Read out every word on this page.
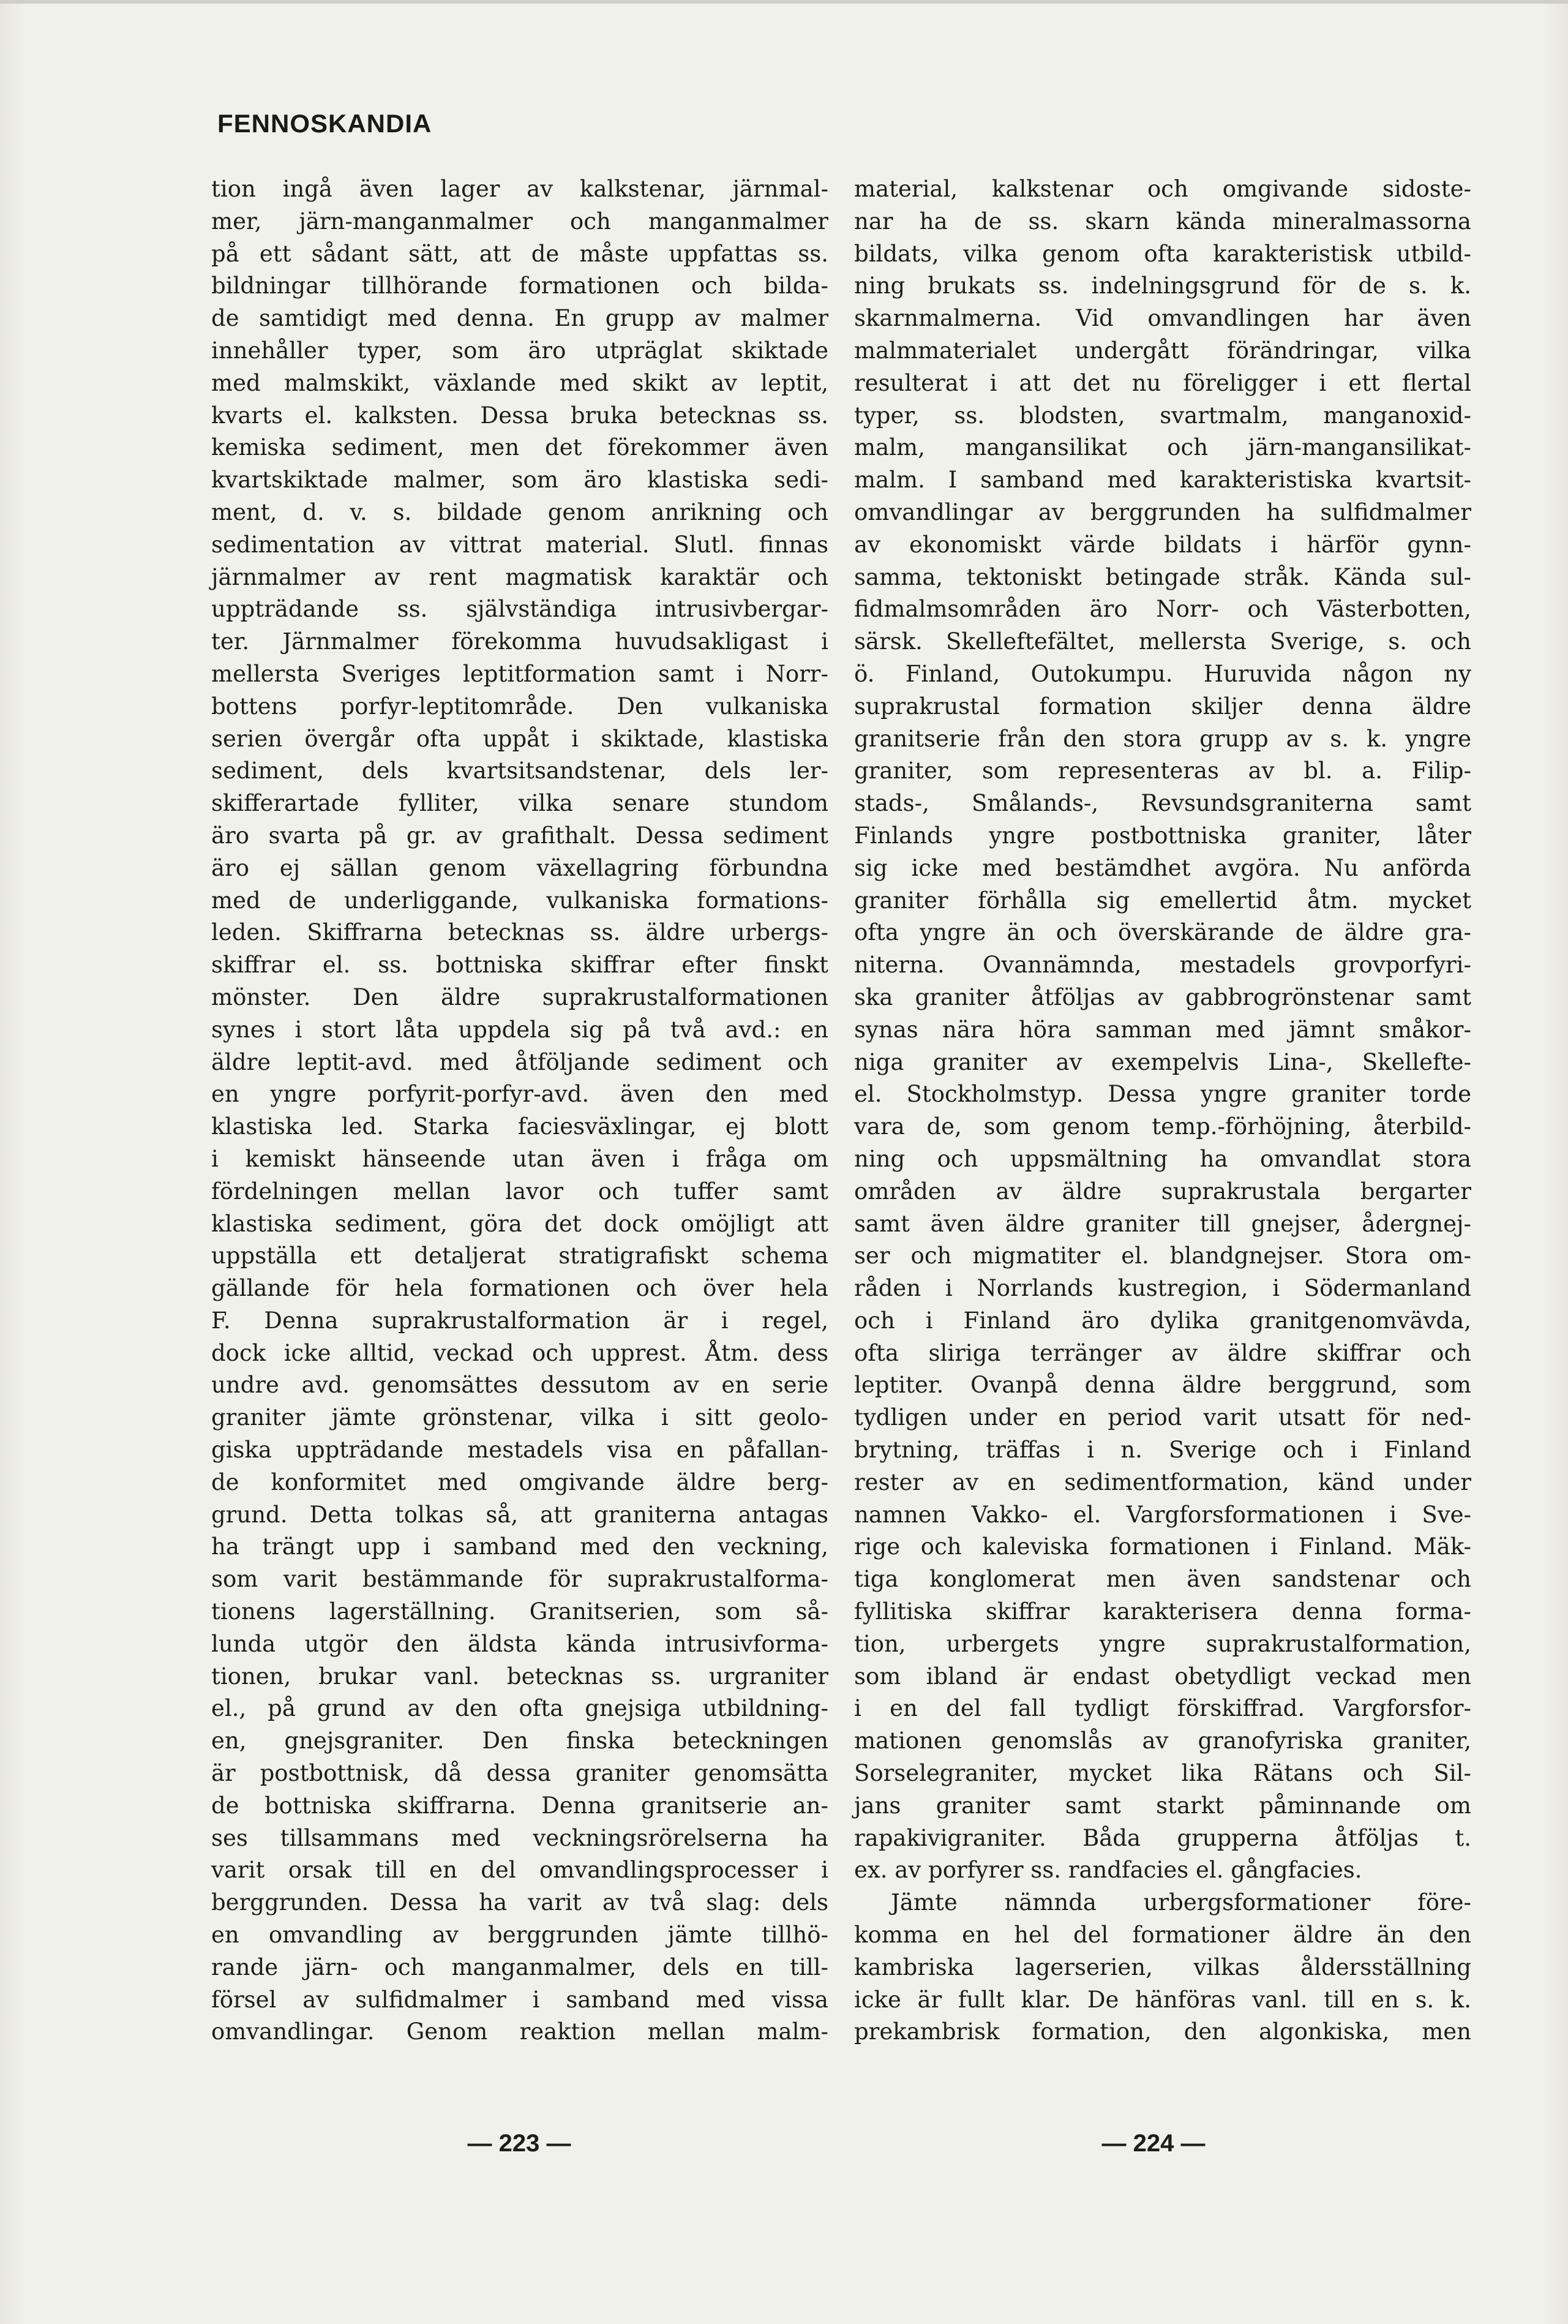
FENNOSKANDIA
tion ingå även lager av kalkstenar, järnmal-
mer, järn-manganmalmer och manganmalmer
på ett sådant sätt, att de måste uppfattas ss.
bildningar tillhörande formationen och bilda-
de samtidigt med denna. En grupp av malmer
innehåller typer, som äro utpräglat skiktade
med malmskikt, växlande med skikt av leptit,
kvarts el. kalksten. Dessa bruka betecknas ss.
kemiska sediment, men det förekommer även
kvartskiktade malmer, som äro klastiska sedi-
ment, d. v. s. bildade genom anrikning och
sedimentation av vittrat material. Slutl. finnas
järnmalmer av rent magmatisk karaktär och
uppträdande ss. självständiga intrusivbergar-
ter. Järnmalmer förekomma huvudsakligast i
mellersta Sveriges leptitformation samt i Norr-
bottens porfyr-leptitområde. Den vulkaniska
serien övergår ofta uppåt i skiktade, klastiska
sediment, dels kvartsitsandstenar, dels ler-
skifferartade fylliter, vilka senare stundom
äro svarta på gr. av grafithalt. Dessa sediment
äro ej sällan genom växellagring förbundna
med de underliggande, vulkaniska formations-
leden. Skiffrarna betecknas ss. äldre urbergs-
skiffrar el. ss. bottniska skiffrar efter finskt
mönster. Den äldre suprakrustalformationen
synes i stort låta uppdela sig på två avd.: en
äldre leptit-avd. med åtföljande sediment och
en yngre porfyrit-porfyr-avd. även den med
klastiska led. Starka faciesväxlingar, ej blott
i kemiskt hänseende utan även i fråga om
fördelningen mellan lavor och tuffer samt
klastiska sediment, göra det dock omöjligt att
uppställa ett detaljerat stratigrafiskt schema
gällande för hela formationen och över hela
F. Denna suprakrustalformation är i regel,
dock icke alltid, veckad och upprest. Åtm. dess
undre avd. genomsättes dessutom av en serie
graniter jämte grönstenar, vilka i sitt geolo-
giska uppträdande mestadels visa en påfallan-
de konformitet med omgivande äldre berg-
grund. Detta tolkas så, att graniterna antagas
ha trängt upp i samband med den veckning,
som varit bestämmande för suprakrustalforma-
tionens lagerställning. Granitserien, som så-
lunda utgör den äldsta kända intrusivforma-
tionen, brukar vanl. betecknas ss. urgraniter
el., på grund av den ofta gnejsiga utbildning-
en, gnejsgraniter. Den finska beteckningen
är postbottnisk, då dessa graniter genomsätta
de bottniska skiffrarna. Denna granitserie an-
ses tillsammans med veckningsrörelserna ha
varit orsak till en del omvandlingsprocesser i
berggrunden. Dessa ha varit av två slag: dels
en omvandling av berggrunden jämte tillhö-
rande järn- och manganmalmer, dels en till-
försel av sulfidmalmer i samband med vissa
omvandlingar. Genom reaktion mellan malm-
material, kalkstenar och omgivande sidoste-
nar ha de ss. skarn kända mineralmassorna
bildats, vilka genom ofta karakteristisk utbild-
ning brukats ss. indelningsgrund för de s. k.
skarnmalmerna. Vid omvandlingen har även
malmmaterialet undergått förändringar, vilka
resulterat i att det nu föreligger i ett flertal
typer, ss. blodsten, svartmalm, manganoxid-
malm, mangansilikat och järn-mangansilikat-
malm. I samband med karakteristiska kvartsit-
omvandlingar av berggrunden ha sulfidmalmer
av ekonomiskt värde bildats i härför gynn-
samma, tektoniskt betingade stråk. Kända sul-
fidmalmsområden äro Norr- och Västerbotten,
särsk. Skelleftefältet, mellersta Sverige, s. och
ö. Finland, Outokumpu. Huruvida någon ny
suprakrustal formation skiljer denna äldre
granitserie från den stora grupp av s. k. yngre
graniter, som representeras av bl. a. Filip-
stads-, Smålands-, Revsundsgraniterna samt
Finlands yngre postbottniska graniter, låter
sig icke med bestämdhet avgöra. Nu anförda
graniter förhålla sig emellertid åtm. mycket
ofta yngre än och överskärande de äldre gra-
niterna. Ovannämnda, mestadels grovporfyri-
ska graniter åtföljas av gabbrogrönstenar samt
synas nära höra samman med jämnt småkor-
niga graniter av exempelvis Lina-, Skellefte-
el. Stockholmstyp. Dessa yngre graniter torde
vara de, som genom temp.-förhöjning, återbild-
ning och uppsmältning ha omvandlat stora
områden av äldre suprakrustala bergarter
samt även äldre graniter till gnejser, ådergnej-
ser och migmatiter el. blandgnejser. Stora om-
råden i Norrlands kustregion, i Södermanland
och i Finland äro dylika granitgenomvävda,
ofta sliriga terränger av äldre skiffrar och
leptiter. Ovanpå denna äldre berggrund, som
tydligen under en period varit utsatt för ned-
brytning, träffas i n. Sverige och i Finland
rester av en sedimentformation, känd under
namnen Vakko- el. Vargforsformationen i Sve-
rige och kaleviska formationen i Finland. Mäk-
tiga konglomerat men även sandstenar och
fyllitiska skiffrar karakterisera denna forma-
tion, urbergets yngre suprakrustalformation,
som ibland är endast obetydligt veckad men
i en del fall tydligt förskiffrad. Vargforsfor-
mationen genomslås av granofyriska graniter,
Sorselegraniter, mycket lika Rätans och Sil-
jans graniter samt starkt påminnande om
rapakivigraniter. Båda grupperna åtföljas t.
ex. av porfyrer ss. randfacies el. gångfacies.
Jämte nämnda urbergsformationer före-
komma en hel del formationer äldre än den
kambriska lagerserien, vilkas åldersställning
icke är fullt klar. De hänföras vanl. till en s. k.
prekambrisk formation, den algonkiska, men
— 223 —	— 224 —
